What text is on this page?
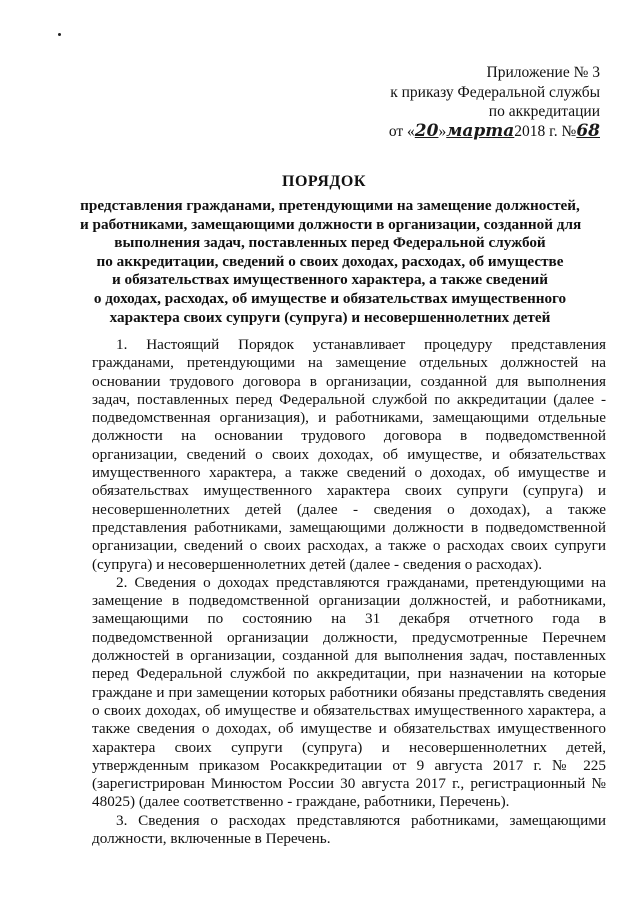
Приложение № 3
к приказу Федеральной службы
по аккредитации
от «20»марта2018 г. №68
ПОРЯДОК
представления гражданами, претендующими на замещение должностей,
и работниками, замещающими должности в организации, созданной для
выполнения задач, поставленных перед Федеральной службой
по аккредитации, сведений о своих доходах, расходах, об имуществе
и обязательствах имущественного характера, а также сведений
о доходах, расходах, об имуществе и обязательствах имущественного
характера своих супруги (супруга) и несовершеннолетних детей

1. Настоящий Порядок устанавливает процедуру представления гражданами, претендующими на замещение отдельных должностей на основании трудового договора в организации, созданной для выполнения задач, поставленных перед Федеральной службой по аккредитации (далее - подведомственная организация), и работниками, замещающими отдельные должности на основании трудового договора в подведомственной организации, сведений о своих доходах, об имуществе, и обязательствах имущественного характера, а также сведений о доходах, об имуществе и обязательствах имущественного характера своих супруги (супруга) и несовершеннолетних детей (далее - сведения о доходах), а также представления работниками, замещающими должности в подведомственной организации, сведений о своих расходах, а также о расходах своих супруги (супруга) и несовершеннолетних детей (далее - сведения о расходах).

2. Сведения о доходах представляются гражданами, претендующими на замещение в подведомственной организации должностей, и работниками, замещающими по состоянию на 31 декабря отчетного года в подведомственной организации должности, предусмотренные Перечнем должностей в организации, созданной для выполнения задач, поставленных перед Федеральной службой по аккредитации, при назначении на которые граждане и при замещении которых работники обязаны представлять сведения о своих доходах, об имуществе и обязательствах имущественного характера, а также сведения о доходах, об имуществе и обязательствах имущественного характера своих супруги (супруга) и несовершеннолетних детей, утвержденным приказом Росаккредитации от 9 августа 2017 г. № 225 (зарегистрирован Минюстом России 30 августа 2017 г., регистрационный № 48025) (далее соответственно - граждане, работники, Перечень).

3. Сведения о расходах представляются работниками, замещающими должности, включенные в Перечень.
